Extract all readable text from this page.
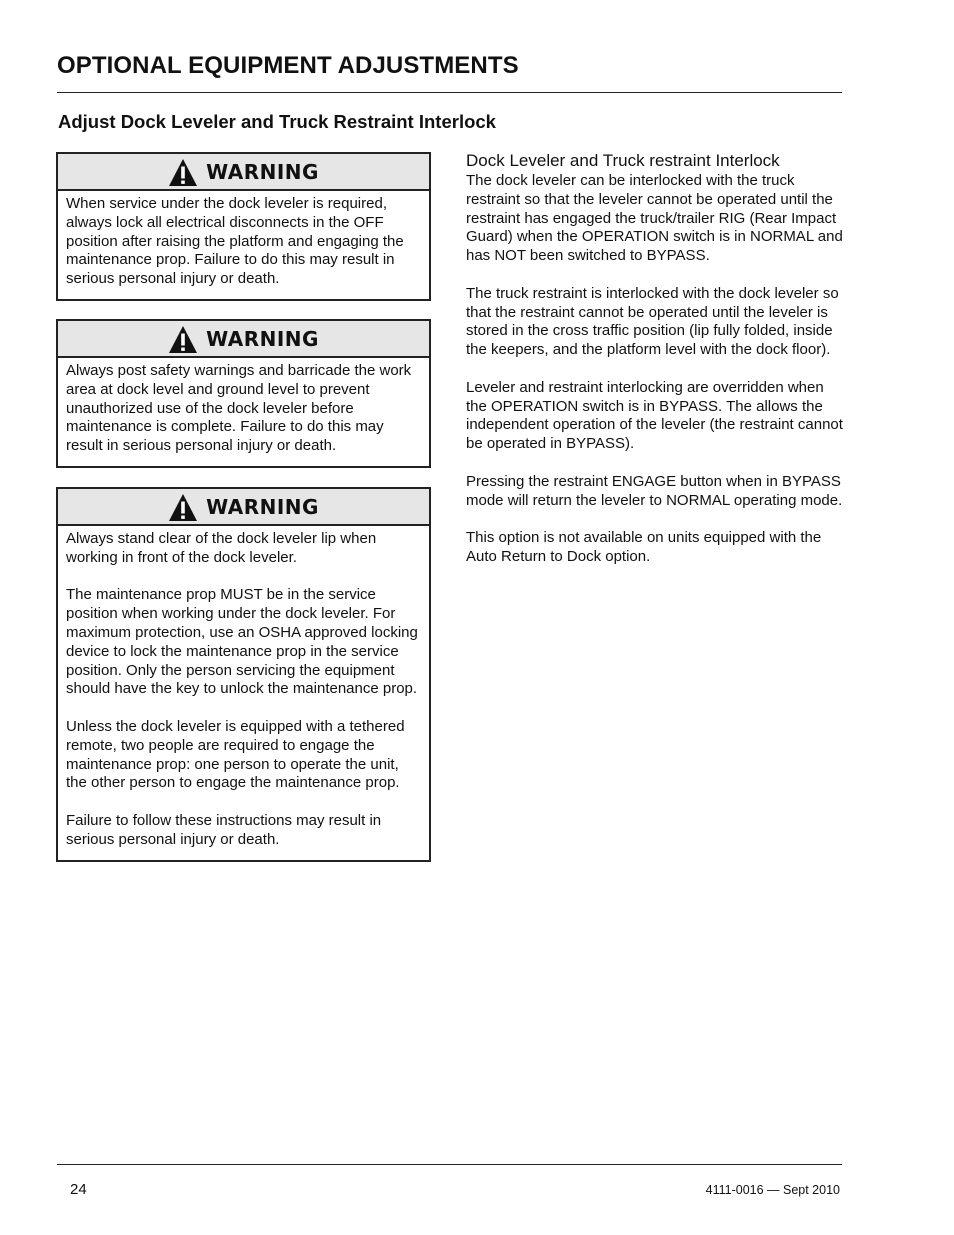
OPTIONAL EQUIPMENT ADJUSTMENTS
Adjust Dock Leveler and Truck Restraint Interlock
WARNING

When service under the dock leveler is required, always lock all electrical disconnects in the OFF position after raising the platform and engaging the maintenance prop. Failure to do this may result in serious personal injury or death.

WARNING

Always post safety warnings and barricade the work area at dock level and ground level to prevent unauthorized use of the dock leveler before maintenance is complete. Failure to do this may result in serious personal injury or death.

WARNING

Always stand clear of the dock leveler lip when working in front of the dock leveler.

The maintenance prop MUST be in the service position when working under the dock leveler. For maximum protection, use an OSHA approved locking device to lock the maintenance prop in the service position. Only the person servicing the equipment should have the key to unlock the maintenance prop.

Unless the dock leveler is equipped with a tethered remote, two people are required to engage the maintenance prop: one person to operate the unit, the other person to engage the maintenance prop.

Failure to follow these instructions may result in serious personal injury or death.

Dock Leveler and Truck restraint Interlock

The dock leveler can be interlocked with the truck restraint so that the leveler cannot be operated until the restraint has engaged the truck/trailer RIG (Rear Impact Guard) when the OPERATION switch is in NORMAL and has NOT been switched to BYPASS.

The truck restraint is interlocked with the dock leveler so that the restraint cannot be operated until the leveler is stored in the cross traffic position (lip fully folded, inside the keepers, and the platform level with the dock floor).

Leveler and restraint interlocking are overridden when the OPERATION switch is in BYPASS. The allows the independent operation of the leveler (the restraint cannot be operated in BYPASS).

Pressing the restraint ENGAGE button when in BYPASS mode will return the leveler to NORMAL operating mode.

This option is not available on units equipped with the Auto Return to Dock option.

24	4111-0016 — Sept 2010
